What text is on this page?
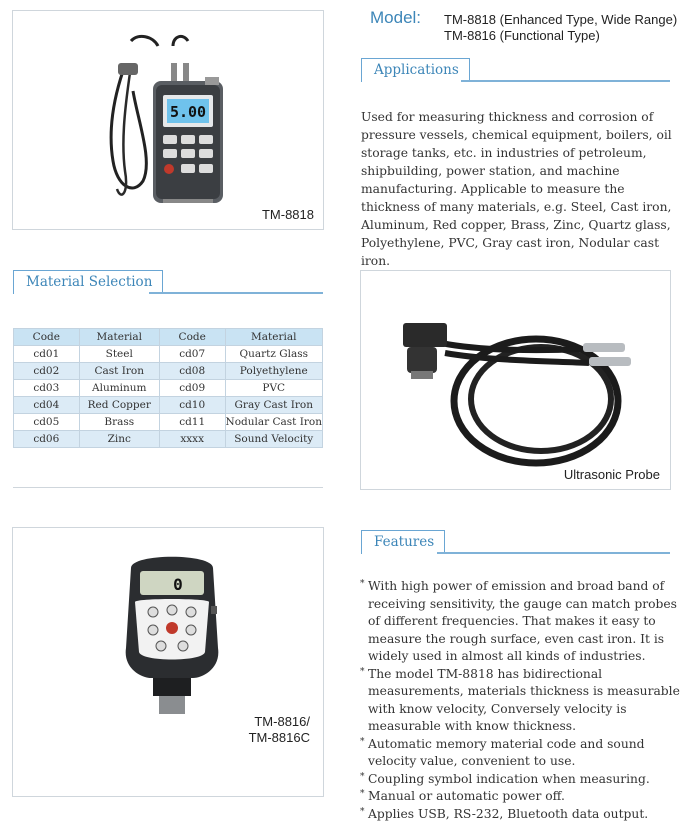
Model: TM-8818 (Enhanced Type, Wide Range)
TM-8816 (Functional Type)
5.00
TM-8818
Applications
Used for measuring thickness and corrosion of pressure vessels, chemical equipment, boilers, oil storage tanks, etc. in industries of petroleum, shipbuilding, power station, and machine manufacturing. Applicable to measure the thickness of many materials, e.g. Steel, Cast iron, Aluminum, Red copper, Brass, Zinc, Quartz glass, Polyethylene, PVC, Gray cast iron, Nodular cast iron.
Material Selection
Code	Material	Code	Material
cd01	Steel	cd07	Quartz Glass
cd02	Cast Iron	cd08	Polyethylene
cd03	Aluminum	cd09	PVC
cd04	Red Copper	cd10	Gray Cast Iron
cd05	Brass	cd11	Nodular Cast Iron
cd06	Zinc	xxxx	Sound Velocity
Ultrasonic Probe
0
TM-8816/
TM-8816C
Features
* With high power of emission and broad band of receiving sensitivity, the gauge can match probes of different frequencies. That makes it easy to measure the rough surface, even cast iron. It is widely used in almost all kinds of industries.
* The model TM-8818 has bidirectional measurements, materials thickness is measurable with know velocity, Conversely velocity is measurable with know thickness.
* Automatic memory material code and sound velocity value, convenient to use.
* Coupling symbol indication when measuring.
* Manual or automatic power off.
* Applies USB, RS-232, Bluetooth data output.
